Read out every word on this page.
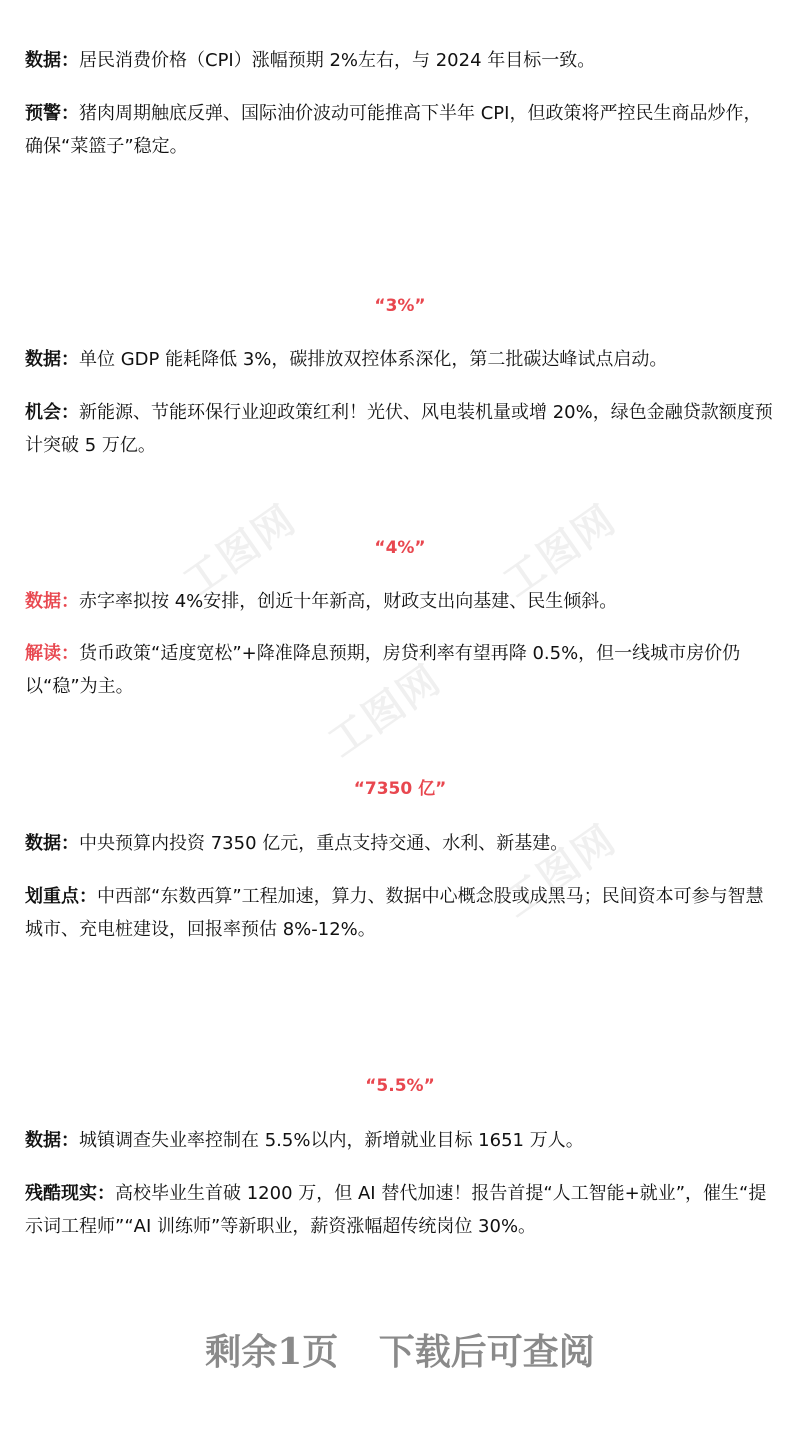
工图网	工图网
工图网
工图网

数据：居民消费价格（CPI）涨幅预期 2%左右，与 2024 年目标一致。

预警：猪肉周期触底反弹、国际油价波动可能推高下半年 CPI，但政策将严控民生商品炒作，确保“菜篮子”稳定。

“3%”

数据：单位 GDP 能耗降低 3%，碳排放双控体系深化，第二批碳达峰试点启动。

机会：新能源、节能环保行业迎政策红利！光伏、风电装机量或增 20%，绿色金融贷款额度预计突破 5 万亿。

“4%”

数据：赤字率拟按 4%安排，创近十年新高，财政支出向基建、民生倾斜。

解读：货币政策“适度宽松”+降准降息预期，房贷利率有望再降 0.5%，但一线城市房价仍以“稳”为主。

“7350 亿”

数据：中央预算内投资 7350 亿元，重点支持交通、水利、新基建。

划重点：中西部“东数西算”工程加速，算力、数据中心概念股或成黑马；民间资本可参与智慧城市、充电桩建设，回报率预估 8%-12%。

“5.5%”

数据：城镇调查失业率控制在 5.5%以内，新增就业目标 1651 万人。

残酷现实：高校毕业生首破 1200 万，但 AI 替代加速！报告首提“人工智能+就业”，催生“提示词工程师”“AI 训练师”等新职业，薪资涨幅超传统岗位 30%。

剩余1页 下载后可查阅
